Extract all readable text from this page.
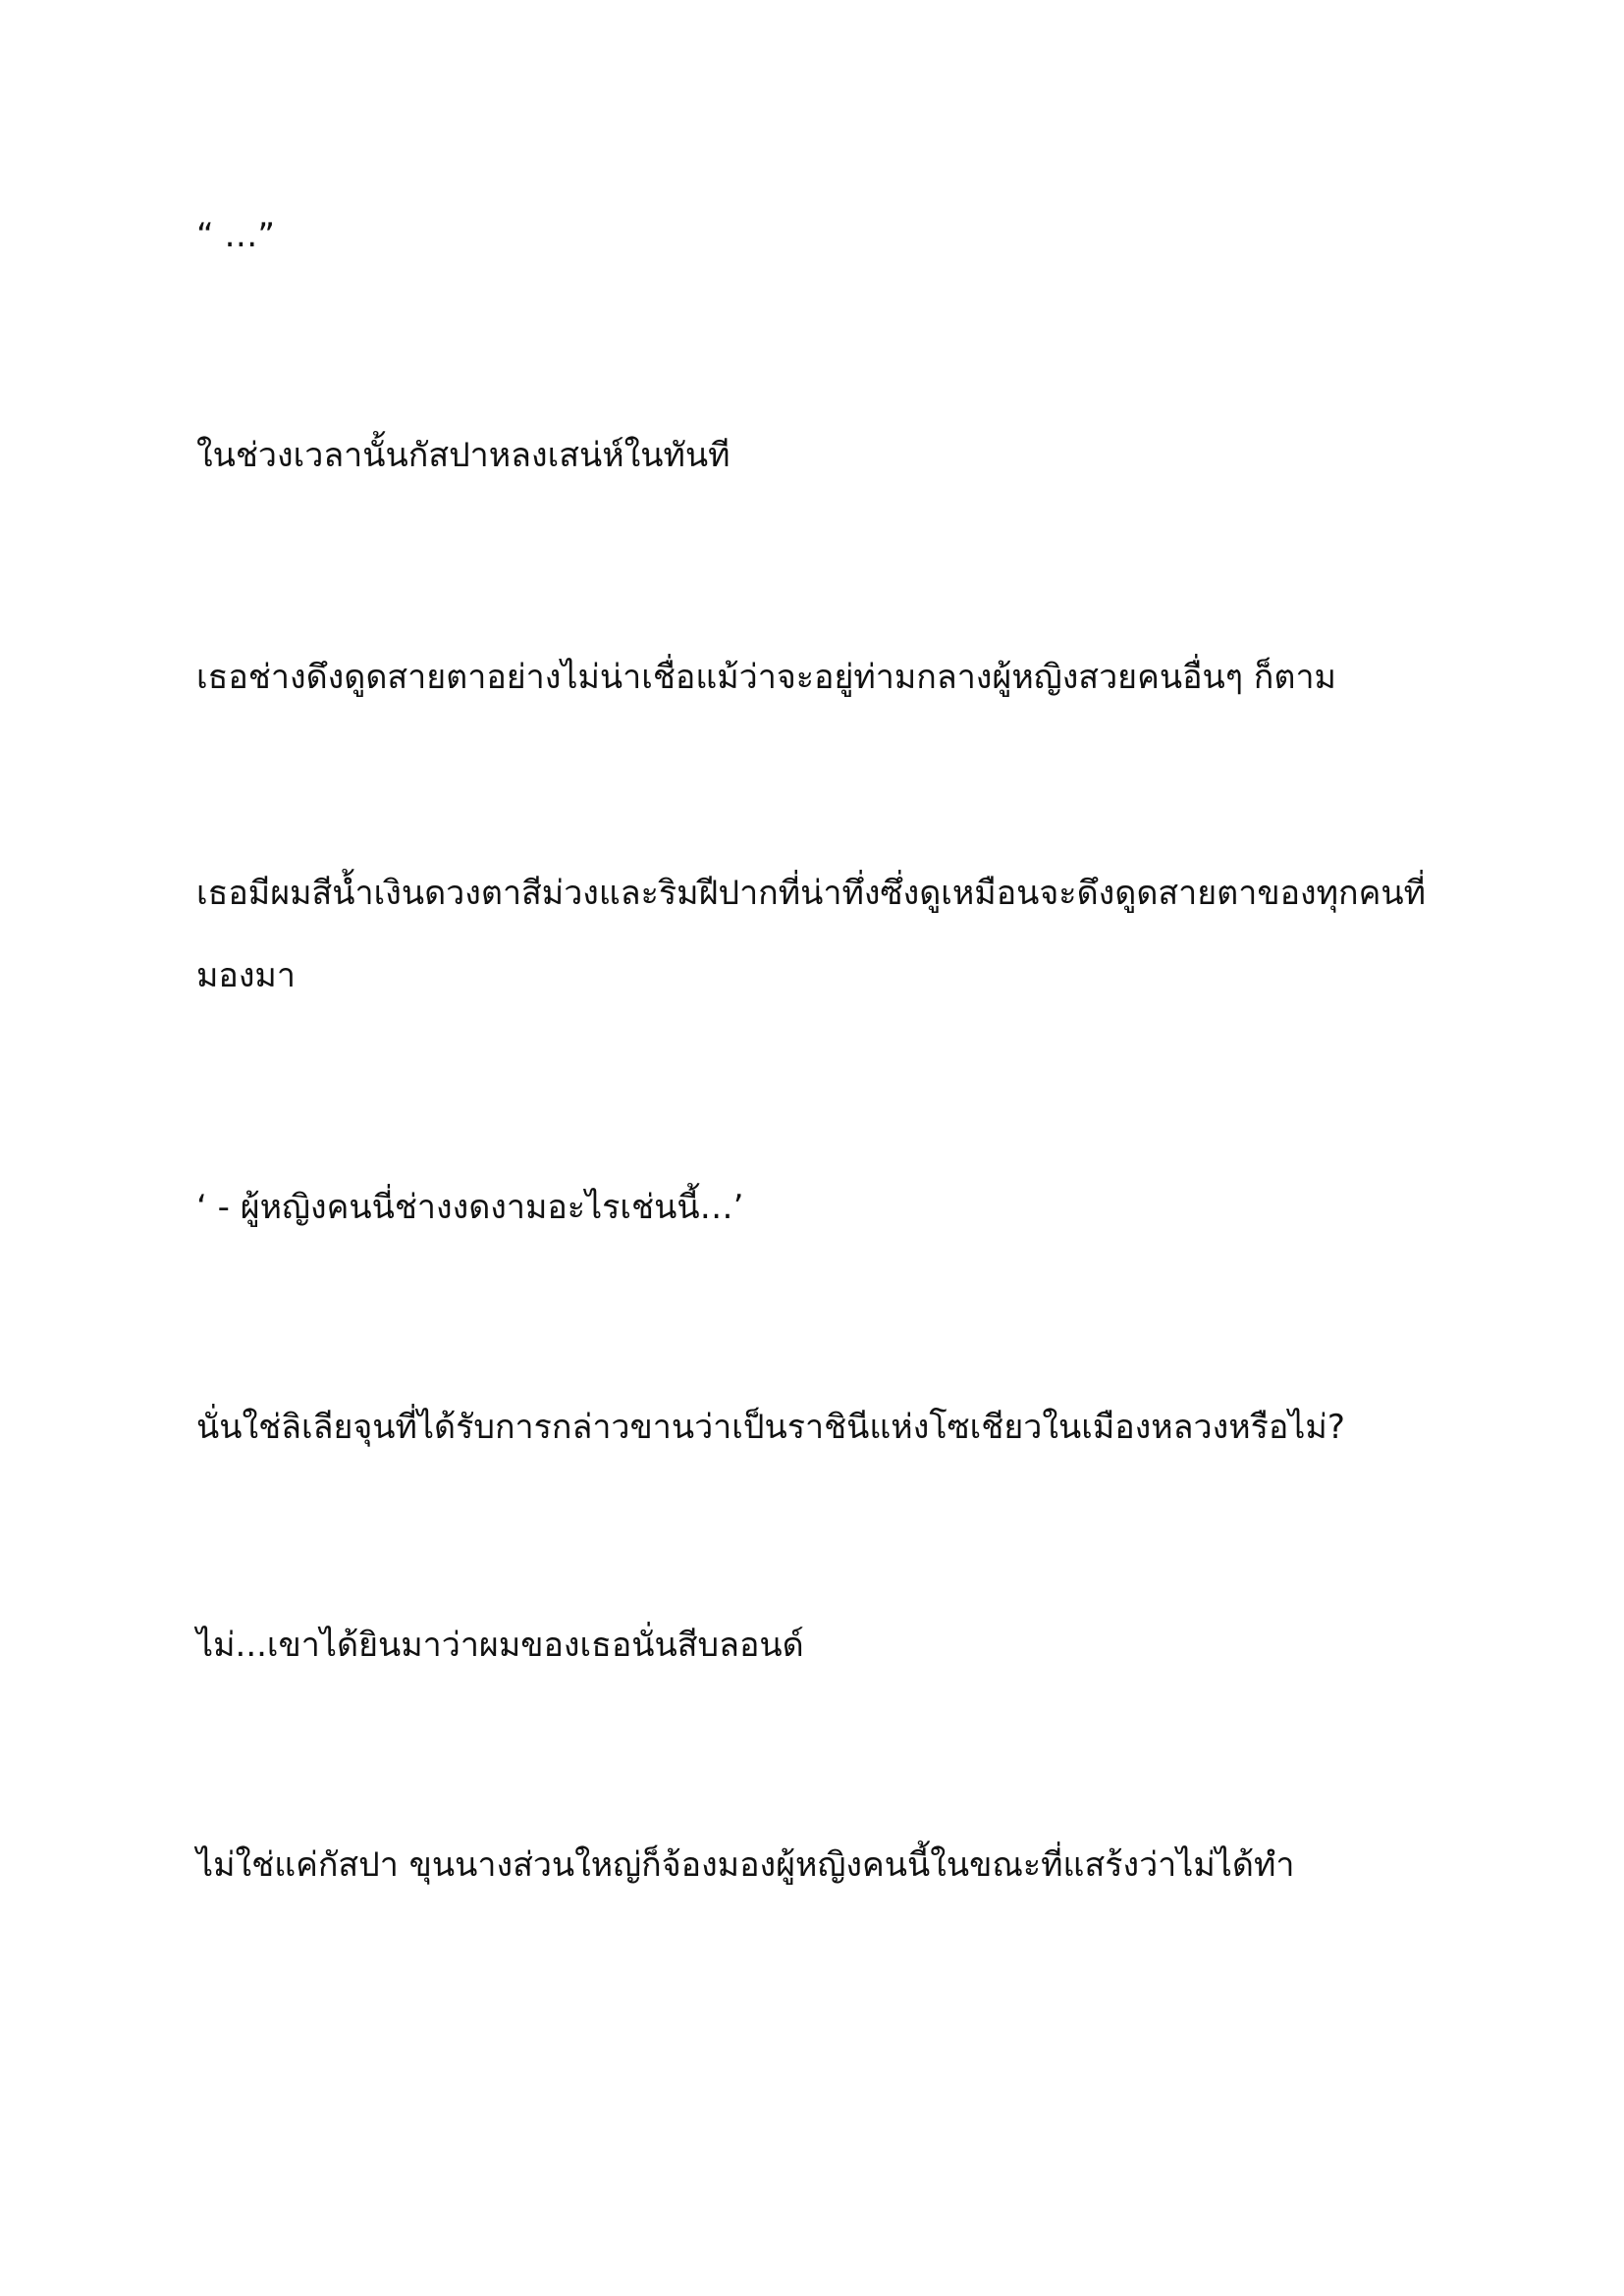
“ …”

ในช่วงเวลานั้นกัสปาหลงเสน่ห์ในทันที

เธอช่างดึงดูดสายตาอย่างไม่น่าเชื่อแม้ว่าจะอยู่ท่ามกลางผู้หญิงสวยคนอื่นๆ ก็ตาม

เธอมีผมสีน้ำเงินดวงตาสีม่วงและริมฝีปากที่น่าทึ่งซึ่งดูเหมือนจะดึงดูดสายตาของทุกคนที่มองมา

‘ - ผู้หญิงคนนี่ช่างงดงามอะไรเช่นนี้…’

นั่นใช่ลิเลียจุนที่ได้รับการกล่าวขานว่าเป็นราชินีแห่งโซเชียวในเมืองหลวงหรือไม่?

ไม่...เขาได้ยินมาว่าผมของเธอนั่นสีบลอนด์

ไม่ใช่แค่กัสปา ขุนนางส่วนใหญ่ก็จ้องมองผู้หญิงคนนี้ในขณะที่แสร้งว่าไม่ได้ทำ
